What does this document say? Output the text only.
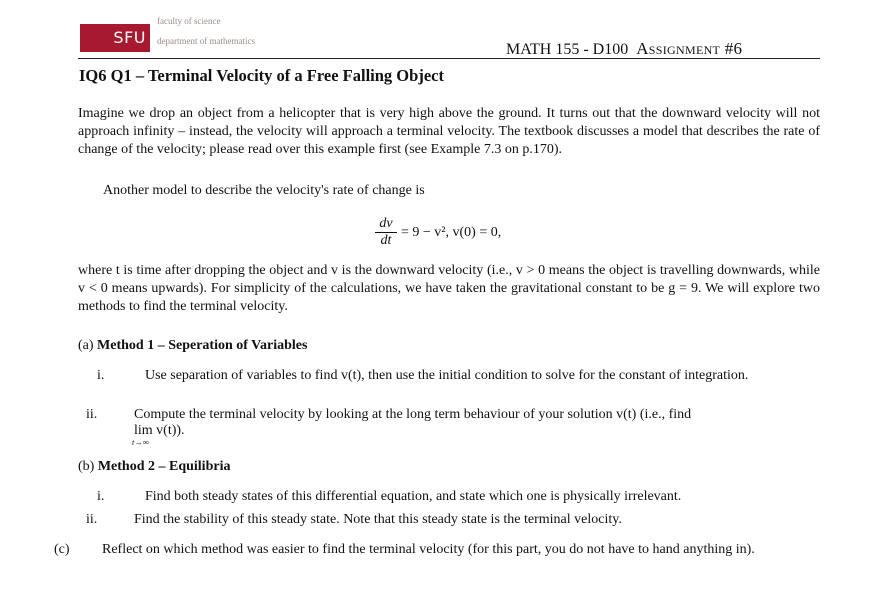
SFU
faculty of science
department of mathematics	MATH 155 - D100 Assignment #6
IQ6 Q1 – Terminal Velocity of a Free Falling Object
Imagine we drop an object from a helicopter that is very high above the ground. It turns out that the downward velocity will not approach infinity – instead, the velocity will approach a terminal velocity. The textbook discusses a model that describes the rate of change of the velocity; please read over this example first (see Example 7.3 on p.170).
Another model to describe the velocity's rate of change is
$\frac{dv}{dt} = 9 - v^2$, v(0) = 0,
where t is time after dropping the object and v is the downward velocity (i.e., v > 0 means the object is travelling downwards, while v < 0 means upwards). For simplicity of the calculations, we have taken the gravitational constant to be g = 9. We will explore two methods to find the terminal velocity.
(a) Method 1 – Seperation of Variables
i.	Use separation of variables to find v(t), then use the initial condition to solve for the constant of integration.
ii.	Compute the terminal velocity by looking at the long term behaviour of your solution v(t) (i.e., find
lim v(t)).
t→∞
(b) Method 2 – Equilibria
i.	Find both steady states of this differential equation, and state which one is physically irrelevant.
ii.	Find the stability of this steady state. Note that this steady state is the terminal velocity.
(c) Reflect on which method was easier to find the terminal velocity (for this part, you do not have to hand anything in).
